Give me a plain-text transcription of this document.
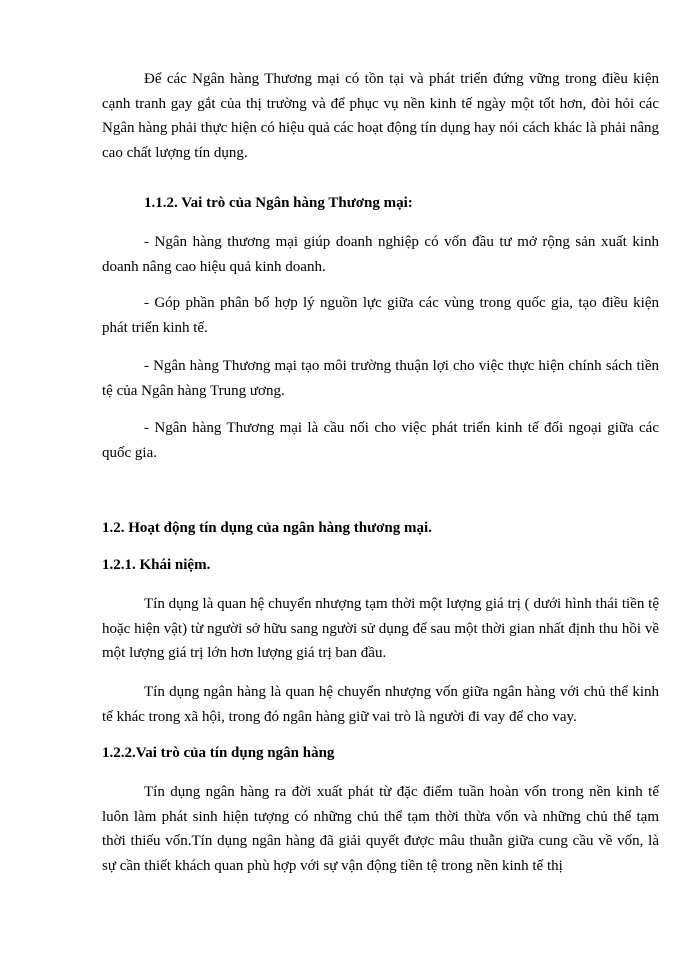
Để các Ngân hàng Thương mại có tồn tại và phát triển đứng vững trong điều kiện cạnh tranh gay gắt của thị trường và để phục vụ nền kinh tế ngày một tốt hơn, đòi hỏi các Ngân hàng phải thực hiện có hiệu quả các hoạt động tín dụng hay nói cách khác là phải nâng cao chất lượng tín dụng.

1.1.2. Vai trò của Ngân hàng Thương mại:

- Ngân hàng thương mại giúp doanh nghiệp có vốn đầu tư mở rộng sản xuất kinh doanh nâng cao hiệu quả kinh doanh.

- Góp phần phân bố hợp lý nguồn lực giữa các vùng trong quốc gia, tạo điều kiện phát triển kinh tế.

- Ngân hàng Thương mại tạo môi trường thuận lợi cho việc thực hiện chính sách tiền tệ của Ngân hàng Trung ương.

- Ngân hàng Thương mại là cầu nối cho việc phát triển kinh tế đối ngoại giữa các quốc gia.

1.2. Hoạt động tín dụng của ngân hàng thương mại.
1.2.1. Khái niệm.

Tín dụng là quan hệ chuyển nhượng tạm thời một lượng giá trị ( dưới hình thái tiền tệ hoặc hiện vật) từ người sở hữu sang người sử dụng để sau một thời gian nhất định thu hồi về một lượng giá trị lớn hơn lượng giá trị ban đầu.

Tín dụng ngân hàng là quan hệ chuyển nhượng vốn giữa ngân hàng với chủ thể kinh tế khác trong xã hội, trong đó ngân hàng giữ vai trò là người đi vay để cho vay.

1.2.2.Vai trò của tín dụng ngân hàng

Tín dụng ngân hàng ra đời xuất phát từ đặc điểm tuần hoàn vốn trong nền kinh tế luôn làm phát sinh hiện tượng có những chủ thể tạm thời thừa vốn và những chủ thể tạm thời thiếu vốn.Tín dụng ngân hàng đã giải quyết được mâu thuẫn giữa cung cầu về vốn, là sự cần thiết khách quan phù hợp với sự vận động tiền tệ trong nền kinh tế thị
